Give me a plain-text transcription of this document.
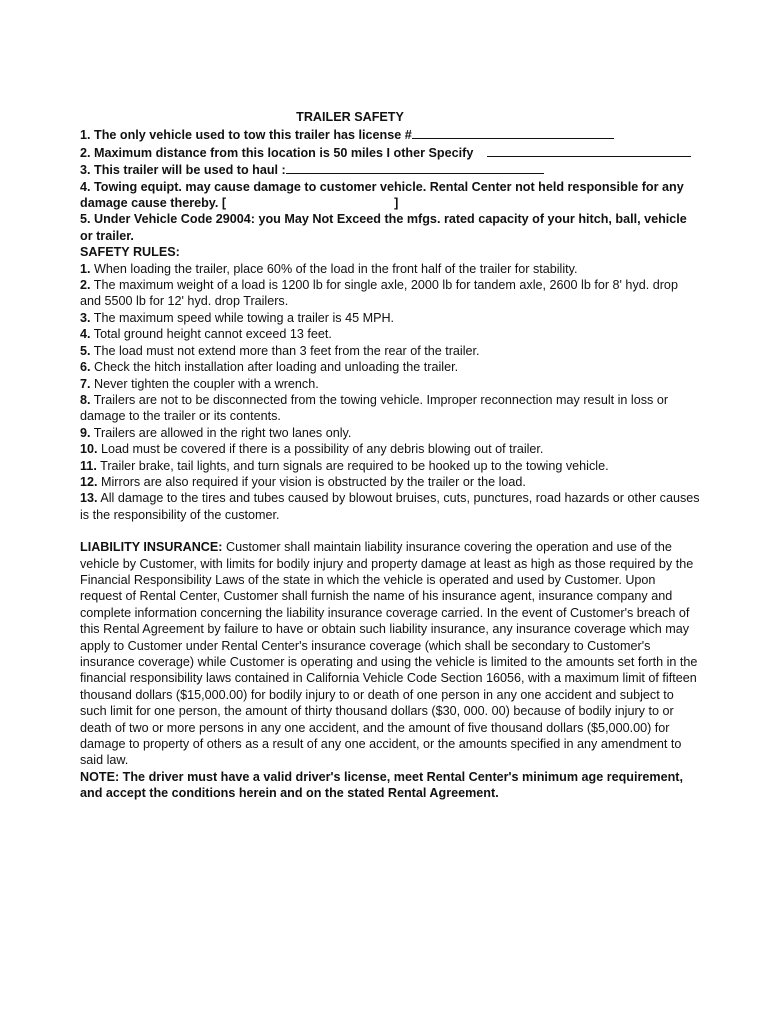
TRAILER SAFETY
1. The only vehicle used to tow this trailer has license #
2. Maximum distance from this location is 50 miles I other Specify
3. This trailer will be used to haul :
4. Towing equipt. may cause damage to customer vehicle. Rental Center not held responsible for any damage cause thereby. [	]
5. Under Vehicle Code 29004: you May Not Exceed the mfgs. rated capacity of your hitch, ball, vehicle or trailer.
SAFETY RULES:
1. When loading the trailer, place 60% of the load in the front half of the trailer for stability.
2. The maximum weight of a load is 1200 lb for single axle, 2000 lb for tandem axle, 2600 lb for 8' hyd. drop and 5500 lb for 12' hyd. drop Trailers.
3. The maximum speed while towing a trailer is 45 MPH.
4. Total ground height cannot exceed 13 feet.
5. The load must not extend more than 3 feet from the rear of the trailer.
6. Check the hitch installation after loading and unloading the trailer.
7. Never tighten the coupler with a wrench.
8. Trailers are not to be disconnected from the towing vehicle. Improper reconnection may result in loss or damage to the trailer or its contents.
9. Trailers are allowed in the right two lanes only.
10. Load must be covered if there is a possibility of any debris blowing out of trailer.
11. Trailer brake, tail lights, and turn signals are required to be hooked up to the towing vehicle.
12. Mirrors are also required if your vision is obstructed by the trailer or the load.
13. All damage to the tires and tubes caused by blowout bruises, cuts, punctures, road hazards or other causes is the responsibility of the customer.
LIABILITY INSURANCE: Customer shall maintain liability insurance covering the operation and use of the vehicle by Customer, with limits for bodily injury and property damage at least as high as those required by the Financial Responsibility Laws of the state in which the vehicle is operated and used by Customer. Upon request of Rental Center, Customer shall furnish the name of his insurance agent, insurance company and complete information concerning the liability insurance coverage carried. In the event of Customer's breach of this Rental Agreement by failure to have or obtain such liability insurance, any insurance coverage which may apply to Customer under Rental Center's insurance coverage (which shall be secondary to Customer's insurance coverage) while Customer is operating and using the vehicle is limited to the amounts set forth in the financial responsibility laws contained in California Vehicle Code Section 16056, with a maximum limit of fifteen thousand dollars ($15,000.00) for bodily injury to or death of one person in any one accident and subject to such limit for one person, the amount of thirty thousand dollars ($30, 000. 00) because of bodily injury to or death of two or more persons in any one accident, and the amount of five thousand dollars ($5,000.00) for damage to property of others as a result of any one accident, or the amounts specified in any amendment to said law.
NOTE: The driver must have a valid driver's license, meet Rental Center's minimum age requirement, and accept the conditions herein and on the stated Rental Agreement.
